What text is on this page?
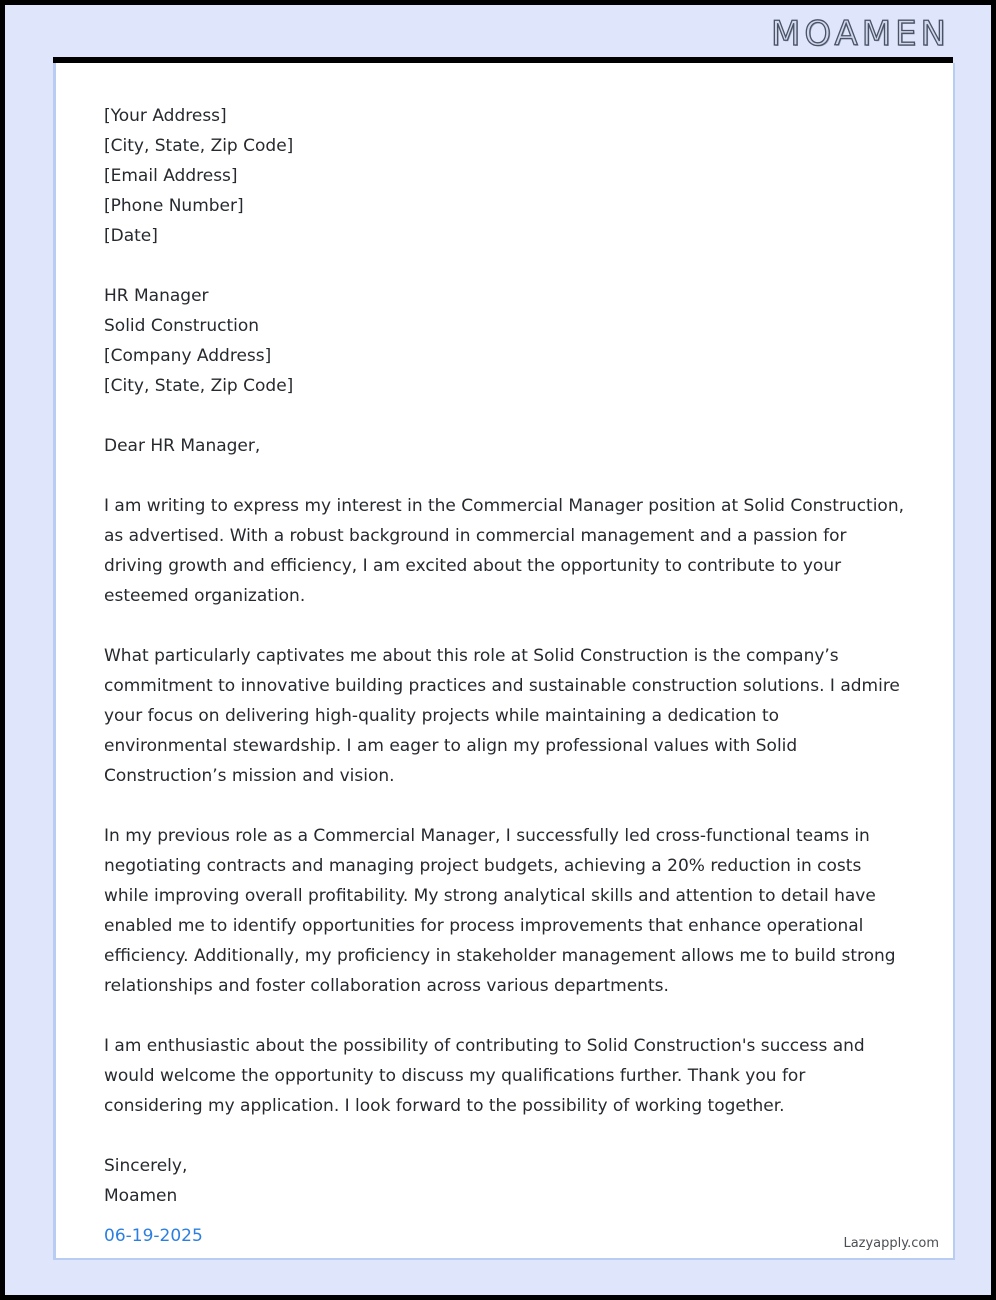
MOAMEN

[Your Address]

[City, State, Zip Code]

[Email Address]

[Phone Number]

[Date]

HR Manager

Solid Construction

[Company Address]

[City, State, Zip Code]

Dear HR Manager,

I am writing to express my interest in the Commercial Manager position at Solid Construction, as advertised. With a robust background in commercial management and a passion for driving growth and efficiency, I am excited about the opportunity to contribute to your esteemed organization.

What particularly captivates me about this role at Solid Construction is the company’s commitment to innovative building practices and sustainable construction solutions. I admire your focus on delivering high-quality projects while maintaining a dedication to environmental stewardship. I am eager to align my professional values with Solid Construction’s mission and vision.

In my previous role as a Commercial Manager, I successfully led cross-functional teams in negotiating contracts and managing project budgets, achieving a 20% reduction in costs while improving overall profitability. My strong analytical skills and attention to detail have enabled me to identify opportunities for process improvements that enhance operational efficiency. Additionally, my proficiency in stakeholder management allows me to build strong relationships and foster collaboration across various departments.

I am enthusiastic about the possibility of contributing to Solid Construction's success and would welcome the opportunity to discuss my qualifications further. Thank you for considering my application. I look forward to the possibility of working together.

Sincerely,

Moamen

06-19-2025	Lazyapply.com
